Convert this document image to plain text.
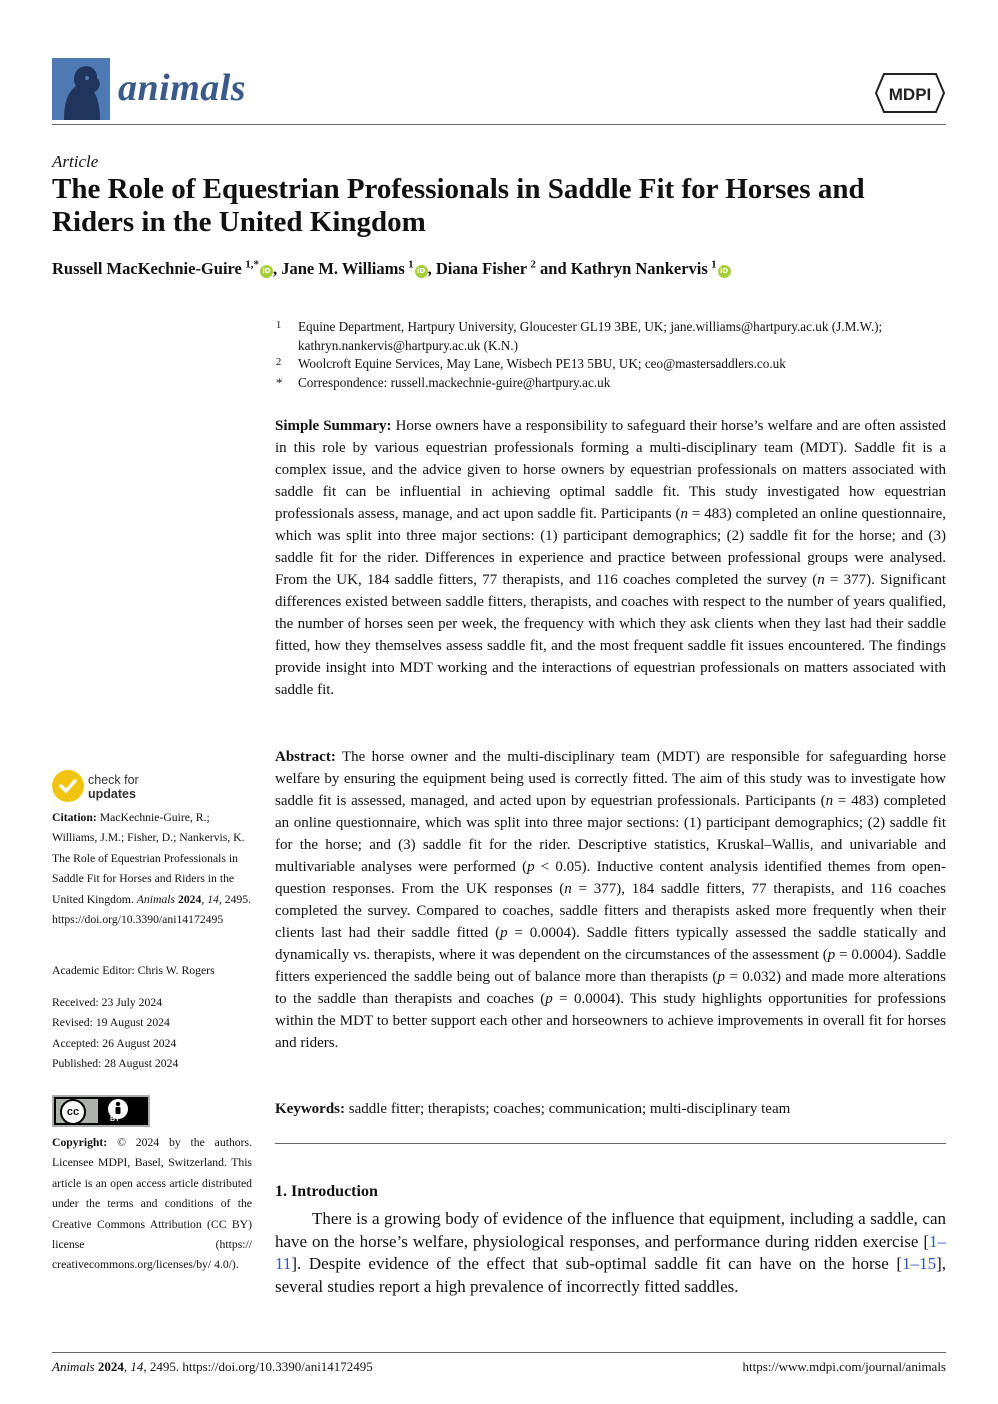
animals	MDPI
Article
The Role of Equestrian Professionals in Saddle Fit for Horses and Riders in the United Kingdom
Russell MacKechnie-Guire  $^{1,*}$iD , Jane M. Williams  $^1$iD , Diana Fisher  $^2$ and Kathryn Nankervis  $^1$iD
1 Equine Department, Hartpury University, Gloucester GL19 3BE, UK; jane.williams@hartpury.ac.uk (J.M.W.);
kathryn.nankervis@hartpury.ac.uk (K.N.)
2 Woolcroft Equine Services, May Lane, Wisbech PE13 5BU, UK; ceo@mastersaddlers.co.uk
* Correspondence: russell.mackechnie-guire@hartpury.ac.uk
Simple Summary: Horse owners have a responsibility to safeguard their horse’s welfare and are often assisted in this role by various equestrian professionals forming a multi-disciplinary team (MDT). Saddle fit is a complex issue, and the advice given to horse owners by equestrian professionals on matters associated with saddle fit can be influential in achieving optimal saddle fit. This study investigated how equestrian professionals assess, manage, and act upon saddle fit. Participants (n = 483) completed an online questionnaire, which was split into three major sections: (1) participant demographics; (2) saddle fit for the horse; and (3) saddle fit for the rider. Differences in experience and practice between professional groups were analysed. From the UK, 184 saddle fitters, 77 therapists, and 116 coaches completed the survey (n = 377). Significant differences existed between saddle fitters, therapists, and coaches with respect to the number of years qualified, the number of horses seen per week, the frequency with which they ask clients when they last had their saddle fitted, how they themselves assess saddle fit, and the most frequent saddle fit issues encountered. The findings provide insight into MDT working and the interactions of equestrian professionals on matters associated with saddle fit.
Abstract: The horse owner and the multi-disciplinary team (MDT) are responsible for safeguarding horse welfare by ensuring the equipment being used is correctly fitted. The aim of this study was to investigate how saddle fit is assessed, managed, and acted upon by equestrian professionals. Participants (n = 483) completed an online questionnaire, which was split into three major sections: (1) participant demographics; (2) saddle fit for the horse; and (3) saddle fit for the rider. Descriptive statistics, Kruskal–Wallis, and univariable and multivariable analyses were performed (p < 0.05). Inductive content analysis identified themes from open-question responses. From the UK responses (n = 377), 184 saddle fitters, 77 therapists, and 116 coaches completed the survey. Compared to coaches, saddle fitters and therapists asked more frequently when their clients last had their saddle fitted (p = 0.0004). Saddle fitters typically assessed the saddle statically and dynamically vs. therapists, where it was dependent on the circumstances of the assessment (p = 0.0004). Saddle fitters experienced the saddle being out of balance more than therapists (p = 0.032) and made more alterations to the saddle than therapists and coaches (p = 0.0004). This study highlights opportunities for professions within the MDT to better support each other and horseowners to achieve improvements in overall fit for horses and riders.
Keywords: saddle fitter; therapists; coaches; communication; multi-disciplinary team
1. Introduction
There is a growing body of evidence of the influence that equipment, including a saddle, can have on the horse’s welfare, physiological responses, and performance during ridden exercise [1–11]. Despite evidence of the effect that sub-optimal saddle fit can have on the horse [1–15], several studies report a high prevalence of incorrectly fitted saddles.
check for
updates
Citation: MacKechnie-Guire, R.; Williams, J.M.; Fisher, D.; Nankervis, K. The Role of Equestrian Professionals in Saddle Fit for Horses and Riders in the United Kingdom. Animals 2024, 14, 2495. https://doi.org/10.3390/ani14172495
Academic Editor: Chris W. Rogers
Received: 23 July 2024
Revised: 19 August 2024
Accepted: 26 August 2024
Published: 28 August 2024
cc
BY
Copyright: © 2024 by the authors. Licensee MDPI, Basel, Switzerland. This article is an open access article distributed under the terms and conditions of the Creative Commons Attribution (CC BY) license (https:// creativecommons.org/licenses/by/ 4.0/).
Animals 2024, 14, 2495. https://doi.org/10.3390/ani14172495	https://www.mdpi.com/journal/animals
